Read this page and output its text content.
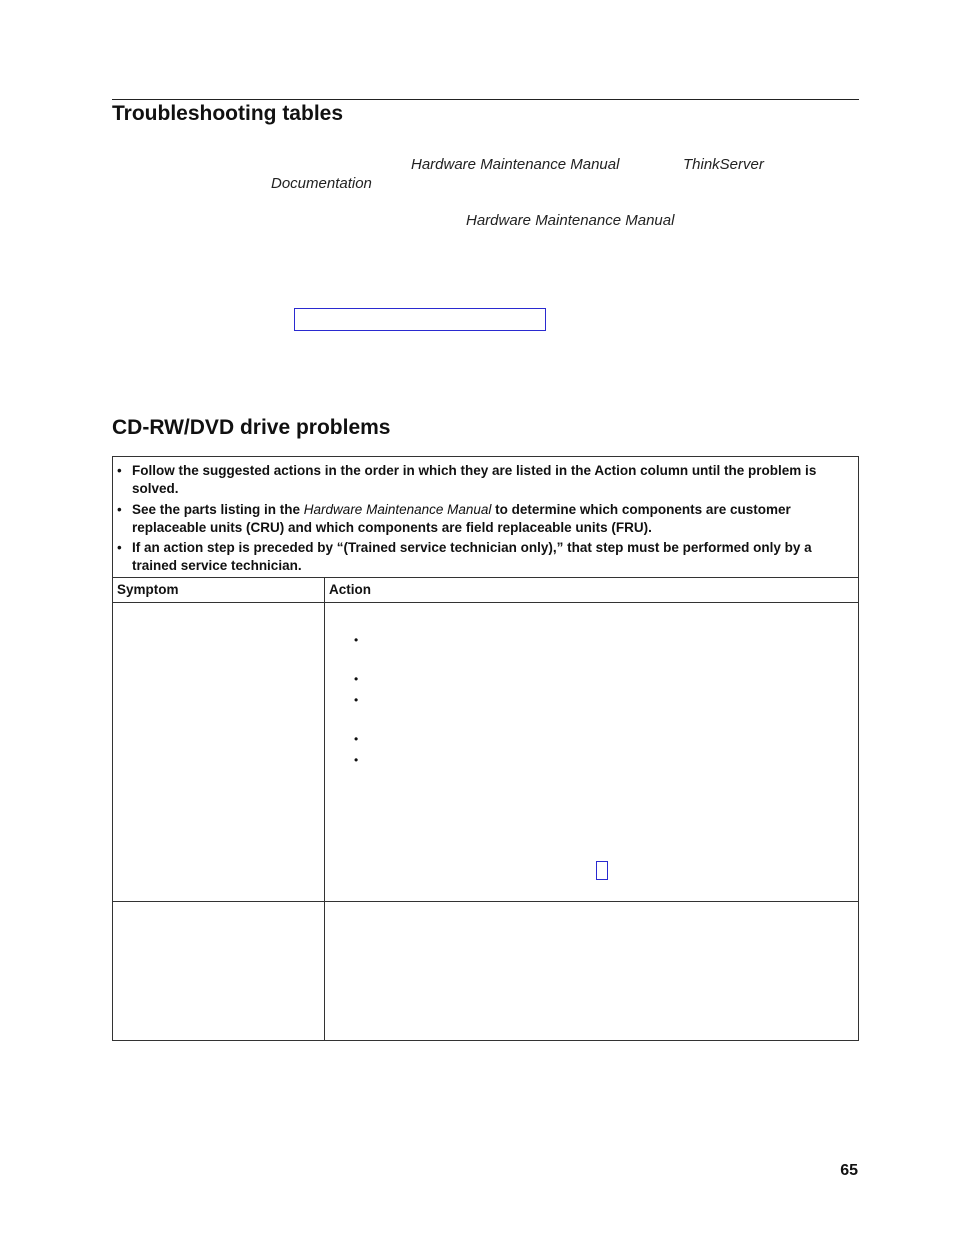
Troubleshooting tables
Hardware Maintenance Manual	ThinkServer
Documentation
Hardware Maintenance Manual
CD-RW/DVD drive problems
• Follow the suggested actions in the order in which they are listed in the Action column until the problem is solved.
• See the parts listing in the Hardware Maintenance Manual to determine which components are customer replaceable units (CRU) and which components are field replaceable units (FRU).
• If an action step is preceded by “(Trained service technician only),” that step must be performed only by a trained service technician.
Symptom	Action
•
•
•
•
•
65
